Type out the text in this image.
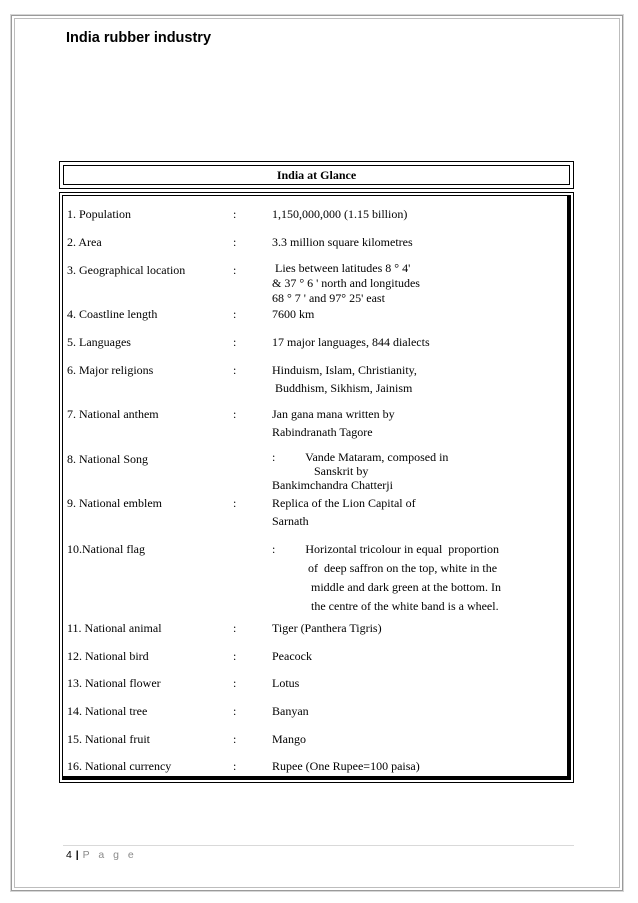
India rubber industry
India at Glance
1. Population	:	1,150,000,000 (1.15 billion)
2. Area	:	3.3 million square kilometres
3. Geographical location	:	Lies between latitudes 8 ° 4'
& 37 ° 6 ' north and longitudes
68 ° 7 ' and 97° 25' east
4. Coastline length	:	7600 km
5. Languages	:	17 major languages, 844 dialects
6. Major religions	:	Hinduism, Islam, Christianity,
Buddhism, Sikhism, Jainism
7. National anthem	:	Jan gana mana written by
Rabindranath Tagore
8. National Song	:          Vande Mataram, composed in
Sanskrit by
Bankimchandra Chatterji
9. National emblem	:	Replica of the Lion Capital of
Sarnath
10.National flag	:          Horizontal tricolour in equal  proportion
of  deep saffron on the top, white in the
middle and dark green at the bottom. In
the centre of the white band is a wheel.
11. National animal	:	Tiger (Panthera Tigris)
12. National bird	:	Peacock
13. National flower	:	Lotus
14. National tree	:	Banyan
15. National fruit	:	Mango
16. National currency	:	Rupee (One Rupee=100 paisa)
4 | P a g e
